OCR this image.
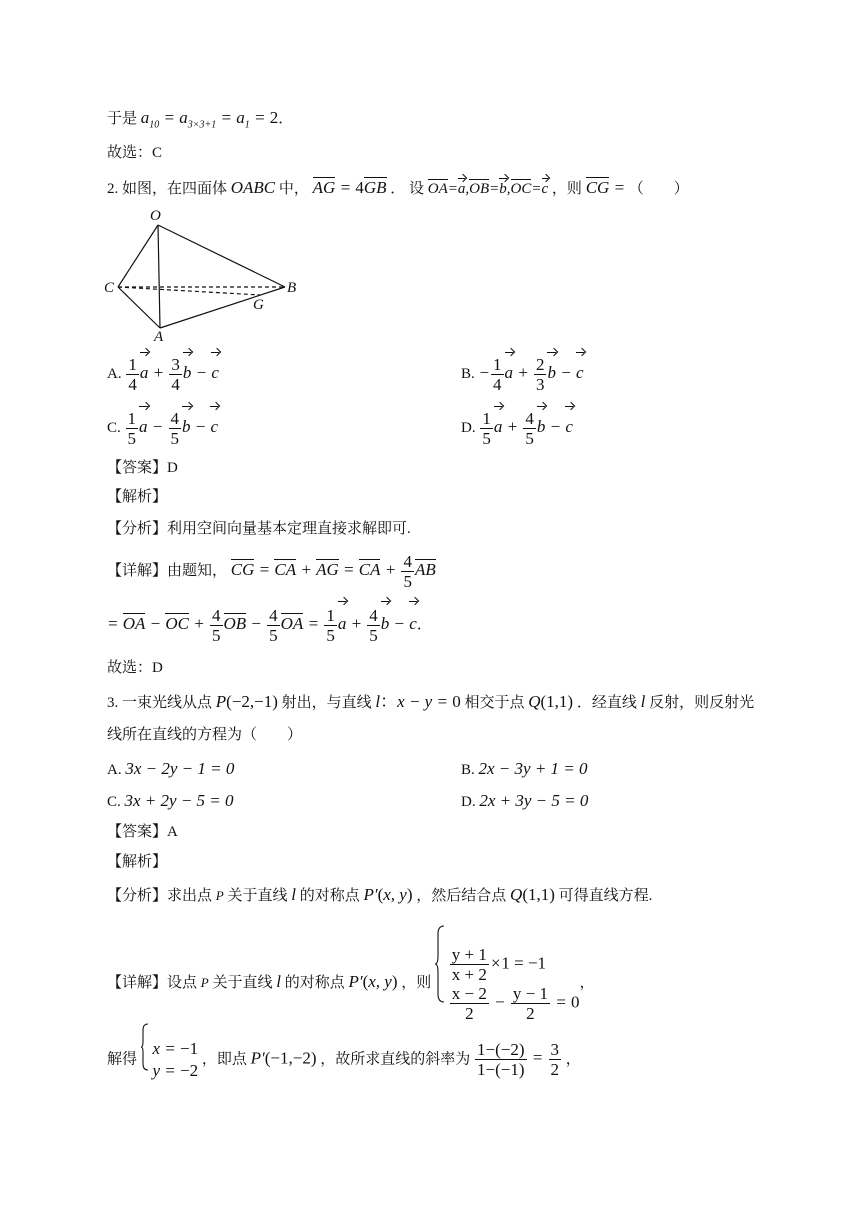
于是 $a_{10} = a_{3\times 3+1} = a_1 = 2$．
故选：C
2. 如图，在四面体 OABC 中， AG = 4GB ． 设 OA=a,OB=b,OC=c ，则 CG = （　　）
O
C	B
G
A
A. $\frac{1}{4}$ $a + \frac{3}{4}$ b − c	B. − $\frac{1}{4}$ $a + \frac{2}{3}$ b − c
C. $\frac{1}{5}$ $a - \frac{4}{5}$ b − c	D. $\frac{1}{5}$ $a + \frac{4}{5}$ b − c
【答案】D
【解析】
【分析】利用空间向量基本定理直接求解即可.
【详解】由题知， CG = CA + AG = CA + $\frac{4}{5}$ AB
= OA − OC + $\frac{4}{5}$ OB − $\frac{4}{5}$ OA = $\frac{1}{5}$ $a + \frac{4}{5}$ b − c．
故选：D
3. 一束光线从点 P(−2,−1) 射出，与直线 l：x − y = 0 相交于点 Q(1,1) ．经直线 l 反射，则反射光
线所在直线的方程为（　　）
A. 3x − 2y − 1 = 0	B. 2x − 3y + 1 = 0
C. 3x + 2y − 5 = 0	D. 2x + 3y − 5 = 0
【答案】A
【解析】
【分析】求出点 P 关于直线 l 的对称点 P′(x, y) ，然后结合点 Q(1,1) 可得直线方程.
【详解】设点 P 关于直线 l 的对称点 P′(x, y) ，则 $\frac{y + 1}{x + 2} \times 1 = -1$
$\frac{x - 2}{2} - \frac{y - 1}{2} = 0$
，
解得
x = −1
y = −2
，即点 P′(−1,−2) ，故所求直线的斜率为 $\frac{1-(-2)}{1-(-1)} = \frac{3}{2}$ ，
